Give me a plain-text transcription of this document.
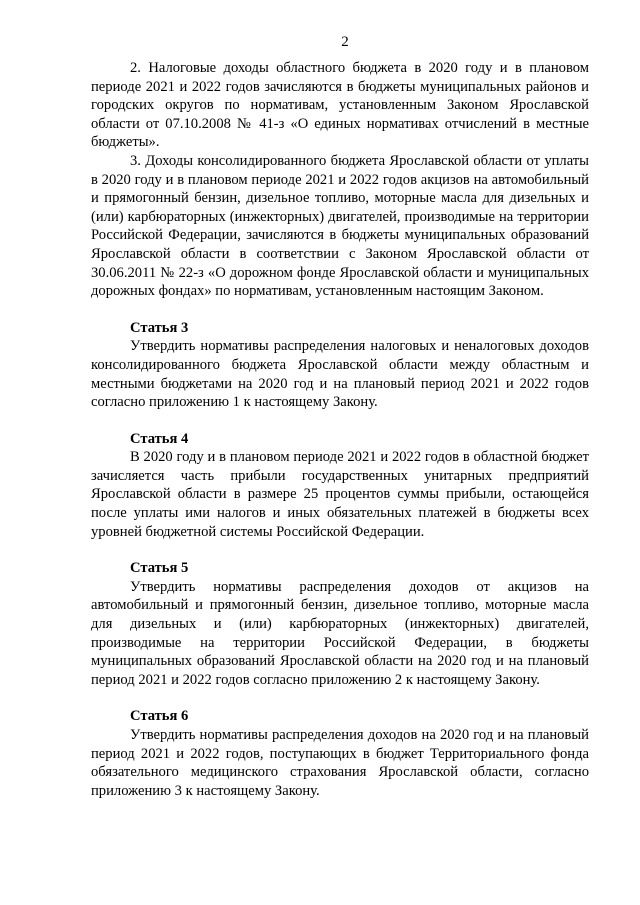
2

2. Налоговые доходы областного бюджета в 2020 году и в плановом периоде 2021 и 2022 годов зачисляются в бюджеты муниципальных районов и городских округов по нормативам, установленным Законом Ярославской области от 07.10.2008 № 41-з «О единых нормативах отчислений в местные бюджеты».

3. Доходы консолидированного бюджета Ярославской области от уплаты в 2020 году и в плановом периоде 2021 и 2022 годов акцизов на автомобильный и прямогонный бензин, дизельное топливо, моторные масла для дизельных и (или) карбюраторных (инжекторных) двигателей, производимые на территории Российской Федерации, зачисляются в бюджеты муниципальных образований Ярославской области в соответствии с Законом Ярославской области от 30.06.2011 № 22-з «О дорожном фонде Ярославской области и муниципальных дорожных фондах» по нормативам, установленным настоящим Законом.

Статья 3

Утвердить нормативы распределения налоговых и неналоговых доходов консолидированного бюджета Ярославской области между областным и местными бюджетами на 2020 год и на плановый период 2021 и 2022 годов согласно приложению 1 к настоящему Закону.

Статья 4

В 2020 году и в плановом периоде 2021 и 2022 годов в областной бюджет зачисляется часть прибыли государственных унитарных предприятий Ярославской области в размере 25 процентов суммы прибыли, остающейся после уплаты ими налогов и иных обязательных платежей в бюджеты всех уровней бюджетной системы Российской Федерации.

Статья 5

Утвердить нормативы распределения доходов от акцизов на автомобильный и прямогонный бензин, дизельное топливо, моторные масла для дизельных и (или) карбюраторных (инжекторных) двигателей, производимые на территории Российской Федерации, в бюджеты муниципальных образований Ярославской области на 2020 год и на плановый период 2021 и 2022 годов согласно приложению 2 к настоящему Закону.

Статья 6

Утвердить нормативы распределения доходов на 2020 год и на плановый период 2021 и 2022 годов, поступающих в бюджет Территориального фонда обязательного медицинского страхования Ярославской области, согласно приложению 3 к настоящему Закону.
